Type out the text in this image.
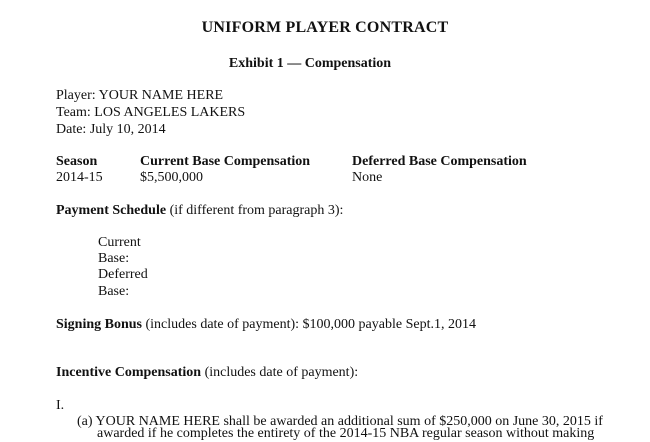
UNIFORM PLAYER CONTRACT
Exhibit 1 — Compensation
Player: YOUR NAME HERE
Team: LOS ANGELES LAKERS
Date: July 10, 2014
Season	Current Base Compensation	Deferred Base Compensation
2014-15	$5,500,000	None
Payment Schedule (if different from paragraph 3):
Current
Base:
Deferred
Base:
Signing Bonus (includes date of payment): $100,000 payable Sept.1, 2014
Incentive Compensation (includes date of payment):
I.
(a) YOUR NAME HERE shall be awarded an additional sum of $250,000 on June 30, 2015 if
awarded if he completes the entirety of the 2014-15 NBA regular season without making
